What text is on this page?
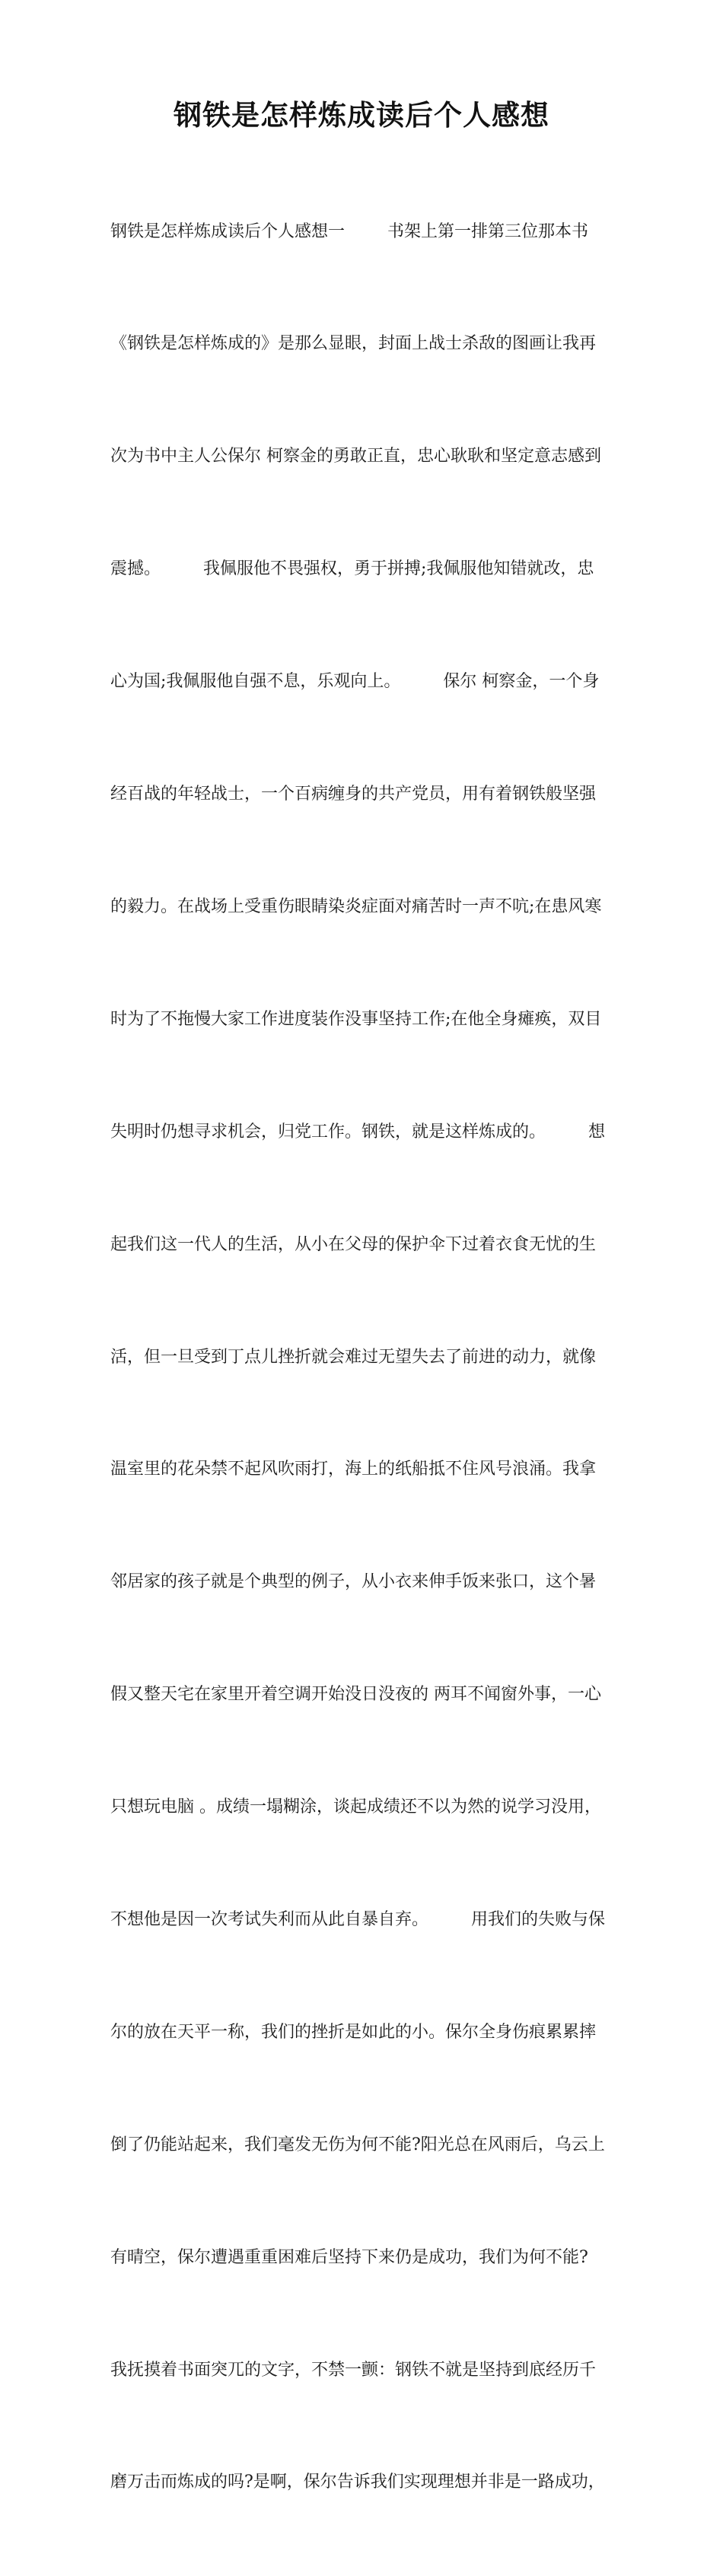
钢铁是怎样炼成读后个人感想

钢铁是怎样炼成读后个人感想一        书架上第一排第三位那本书

《钢铁是怎样炼成的》是那么显眼，封面上战士杀敌的图画让我再

次为书中主人公保尔 柯察金的勇敢正直，忠心耿耿和坚定意志感到

震撼。        我佩服他不畏强权，勇于拼搏;我佩服他知错就改，忠

心为国;我佩服他自强不息，乐观向上。        保尔 柯察金，一个身

经百战的年轻战士，一个百病缠身的共产党员，用有着钢铁般坚强

的毅力。在战场上受重伤眼睛染炎症面对痛苦时一声不吭;在患风寒

时为了不拖慢大家工作进度装作没事坚持工作;在他全身瘫痪，双目

失明时仍想寻求机会，归党工作。钢铁，就是这样炼成的。        想

起我们这一代人的生活，从小在父母的保护伞下过着衣食无忧的生

活，但一旦受到丁点儿挫折就会难过无望失去了前进的动力，就像

温室里的花朵禁不起风吹雨打，海上的纸船抵不住风号浪涌。我拿

邻居家的孩子就是个典型的例子，从小衣来伸手饭来张口，这个暑

假又整天宅在家里开着空调开始没日没夜的 两耳不闻窗外事，一心

只想玩电脑 。成绩一塌糊涂，谈起成绩还不以为然的说学习没用，

不想他是因一次考试失利而从此自暴自弃。        用我们的失败与保

尔的放在天平一称，我们的挫折是如此的小。保尔全身伤痕累累摔

倒了仍能站起来，我们毫发无伤为何不能?阳光总在风雨后，乌云上

有晴空，保尔遭遇重重困难后坚持下来仍是成功，我们为何不能?

我抚摸着书面突兀的文字，不禁一颤：钢铁不就是坚持到底经历千

磨万击而炼成的吗?是啊，保尔告诉我们实现理想并非是一路成功，
